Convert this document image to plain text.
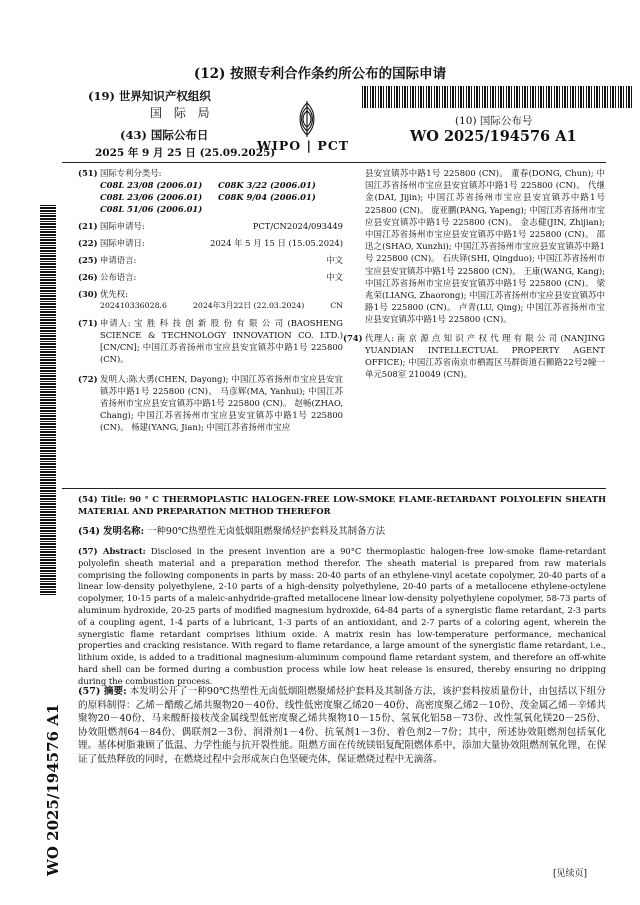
(12) 按照专利合作条约所公布的国际申请
(19) 世界知识产权组织
国 际 局
(43) 国际公布日
2025 年 9 月 25 日 (25.09.2025)
WIPO | PCT
(10) 国际公布号
WO 2025/194576 A1
(51) 国际专利分类号:
C08L 23/08 (2006.01)	C08K 3/22 (2006.01)
C08L 23/06 (2006.01)	C08K 9/04 (2006.01)
C08L 51/06 (2006.01)
(21) 国际申请号:	PCT/CN2024/093449
(22) 国际申请日:	2024 年 5 月 15 日 (15.05.2024)
(25) 申请语言:	中文
(26) 公布语言:	中文
(30) 优先权:
202410336028.6	2024年3月22日 (22.03.2024)	CN
(71) 申请人: 宝 胜 科 技 创 新 股 份 有 限 公 司 (BAOSHENG SCIENCE & TECHNOLOGY INNOVATION CO. LTD.) [CN/CN]; 中国江苏省扬州市宝应县安宜镇苏中路1号 225800 (CN)。
(72) 发明人:陈大勇(CHEN, Dayong); 中国江苏省扬州市宝应县安宜镇苏中路1号 225800 (CN)。 马彦辉(MA, Yanhui); 中国江苏省扬州市宝应县安宜镇苏中路1号 225800 (CN)。 赵畅(ZHAO, Chang); 中国江苏省扬州市宝应县安宜镇苏中路1号 225800 (CN)。 杨建(YANG, Jian); 中国江苏省扬州市宝应
县安宜镇苏中路1号 225800 (CN)。 董春(DONG, Chun); 中国江苏省扬州市宝应县安宜镇苏中路1号 225800 (CN)。 代继金(DAI, Jijin); 中国江苏省扬州市宝应县安宜镇苏中路1号 225800 (CN)。 庞亚鹏(PANG, Yapeng); 中国江苏省扬州市宝应县安宜镇苏中路1号 225800 (CN)。 金志健(JIN, Zhijian); 中国江苏省扬州市宝应县安宜镇苏中路1号 225800 (CN)。 邵迅之(SHAO, Xunzhi); 中国江苏省扬州市宝应县安宜镇苏中路1号 225800 (CN)。 石庆铎(SHI, Qingduo); 中国江苏省扬州市宝应县安宜镇苏中路1号 225800 (CN)。 王康(WANG, Kang); 中国江苏省扬州市宝应县安宜镇苏中路1号 225800 (CN)。 梁兆荣(LIANG, Zhaorong); 中国江苏省扬州市宝应县安宜镇苏中路1号 225800 (CN)。 卢青(LU, Qing); 中国江苏省扬州市宝应县安宜镇苏中路1号 225800 (CN)。
(74) 代理人: 南 京 源 点 知 识 产 权 代 理 有 限 公 司 (NANJING YUANDIAN INTELLECTUAL PROPERTY AGENT OFFICE); 中国江苏省南京市栖霞区马群街道石狮路22号2幢一单元508室 210049 (CN)。
WO 2025/194576 A1
(54) Title: 90 ° C THERMOPLASTIC HALOGEN-FREE LOW-SMOKE FLAME-RETARDANT POLYOLEFIN SHEATH MATERIAL AND PREPARATION METHOD THEREFOR
(54) 发明名称: 一种90℃热塑性无卤低烟阻燃聚烯烃护套料及其制备方法
(57) Abstract: Disclosed in the present invention are a 90°C thermoplastic halogen-free low-smoke flame-retardant polyolefin sheath material and a preparation method therefor. The sheath material is prepared from raw materials comprising the following components in parts by mass: 20-40 parts of an ethylene-vinyl acetate copolymer, 20-40 parts of a linear low-density polyethylene, 2-10 parts of a high-density polyethylene, 20-40 parts of a metallocene ethylene-octylene copolymer, 10-15 parts of a maleic-anhydride-grafted metallocene linear low-density polyethylene copolymer, 58-73 parts of aluminum hydroxide, 20-25 parts of modified magnesium hydroxide, 64-84 parts of a synergistic flame retardant, 2-3 parts of a coupling agent, 1-4 parts of a lubricant, 1-3 parts of an antioxidant, and 2-7 parts of a coloring agent, wherein the synergistic flame retardant comprises lithium oxide. A matrix resin has low-temperature performance, mechanical properties and cracking resistance. With regard to flame retardance, a large amount of the synergistic flame retardant, i.e., lithium oxide, is added to a traditional magnesium-aluminum compound flame retardant system, and therefore an off-white hard shell can be formed during a combustion process while low heat release is ensured, thereby ensuring no dripping during the combustion process.
(57) 摘要: 本发明公开了一种90℃热塑性无卤低烟阻燃聚烯烃护套料及其制备方法，该护套料按质量份计，由包括以下组分的原料制得：乙烯－醋酸乙烯共聚物20－40份、线性低密度聚乙烯20－40份、高密度聚乙烯2－10份、茂金属乙烯－辛烯共聚物20－40份、马来酸酐接枝茂金属线型低密度聚乙烯共聚物10－15份、氢氧化铝58－73份、改性氢氧化镁20－25份、协效阻燃剂64－84份、偶联剂2－3份、润滑剂1－4份、抗氧剂1－3份、着色剂2－7份；其中，所述协效阻燃剂包括氧化锂。基体树脂兼顾了低温、力学性能与抗开裂性能。阻燃方面在传统镁铝复配阻燃体系中，添加大量协效阻燃剂氧化锂，在保证了低热释放的同时，在燃烧过程中会形成灰白色坚硬壳体，保证燃烧过程中无滴落。
[见续页]
